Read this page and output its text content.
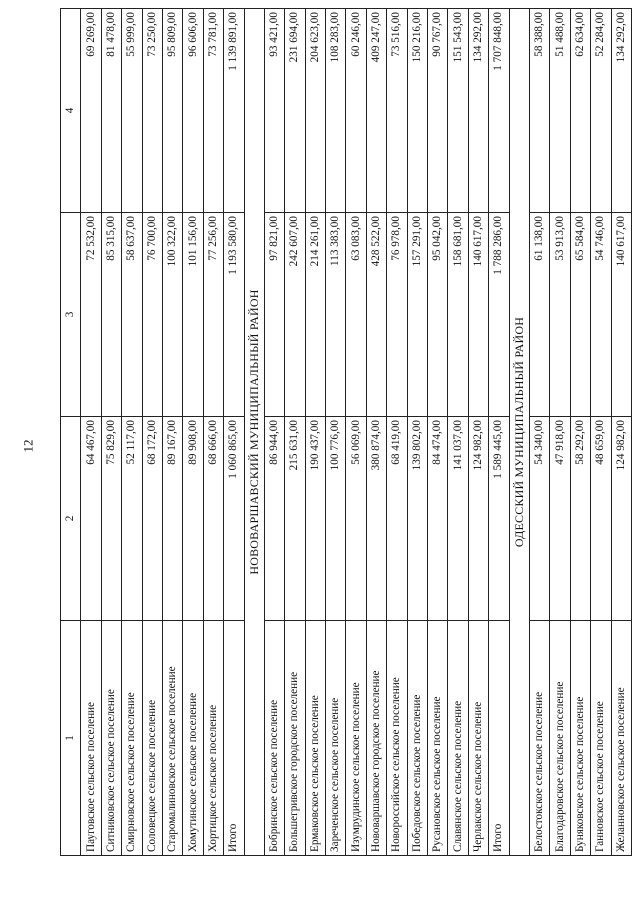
12
1	2	3	4
Пауговское сельское поселение	64 467,00	72 532,00	69 269,00
Ситниковское сельское поселение	75 829,00	85 315,00	81 478,00
Смирновское сельское поселение	52 117,00	58 637,00	55 999,00
Соловецкое сельское поселение	68 172,00	76 700,00	73 250,00
Старомалиновское сельское поселение	89 167,00	100 322,00	95 809,00
Хомутинское сельское поселение	89 908,00	101 156,00	96 606,00
Хортицкое сельское поселение	68 666,00	77 256,00	73 781,00
Итого	1 060 865,00	1 193 580,00	1 139 891,00
НОВОВАРШАВСКИЙ МУНИЦИПАЛЬНЫЙ РАЙОН			
Бобринское сельское поселение	86 944,00	97 821,00	93 421,00
Большегривское городское поселение	215 631,00	242 607,00	231 694,00
Ермаковское сельское поселение	190 437,00	214 261,00	204 623,00
Зареченское сельское поселение	100 776,00	113 383,00	108 283,00
Изумрудинское сельское поселение	56 069,00	63 083,00	60 246,00
Нововаршавское городское поселение	380 874,00	428 522,00	409 247,00
Новороссийское сельское поселение	68 419,00	76 978,00	73 516,00
Победовское сельское поселение	139 802,00	157 291,00	150 216,00
Русановское сельское поселение	84 474,00	95 042,00	90 767,00
Славянское сельское поселение	141 037,00	158 681,00	151 543,00
Черлакское сельское поселение	124 982,00	140 617,00	134 292,00
Итого	1 589 445,00	1 788 286,00	1 707 848,00
ОДЕССКИЙ МУНИЦИПАЛЬНЫЙ РАЙОН			
Белостокское сельское поселение	54 340,00	61 138,00	58 388,00
Благодаровское сельское поселение	47 918,00	53 913,00	51 488,00
Буняковское сельское поселение	58 292,00	65 584,00	62 634,00
Ганновское сельское поселение	48 659,00	54 746,00	52 284,00
Желанновское сельское поселение	124 982,00	140 617,00	134 292,00
